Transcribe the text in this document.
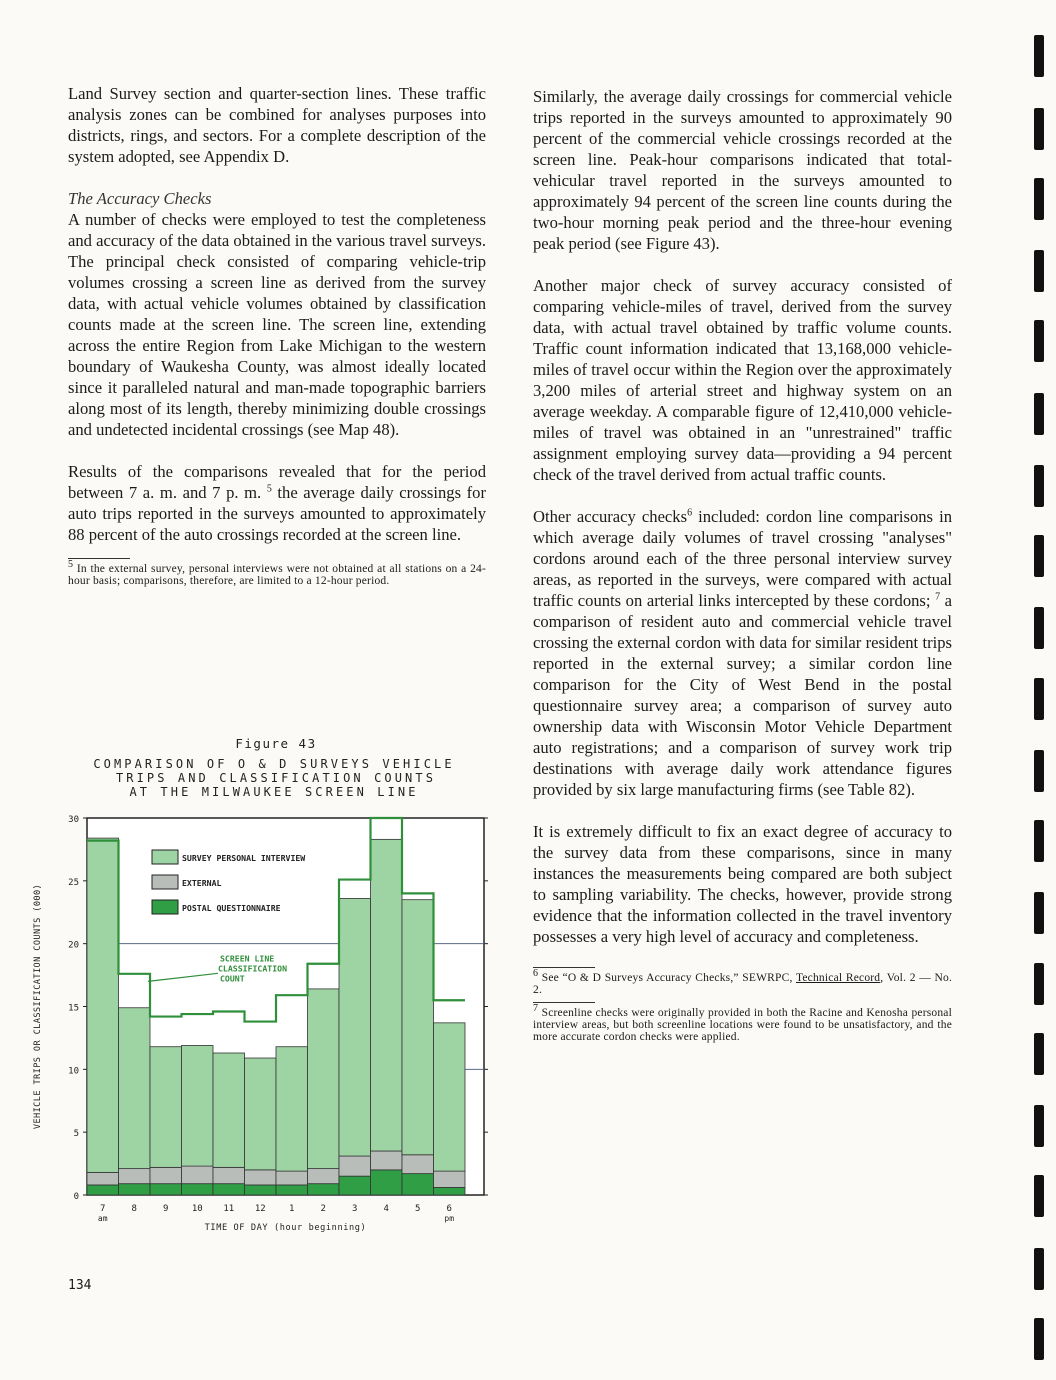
Land Survey section and quarter-section lines. These traffic analysis zones can be combined for analyses purposes into districts, rings, and sectors. For a complete description of the system adopted, see Appendix D.

The Accuracy Checks

A number of checks were employed to test the completeness and accuracy of the data obtained in the various travel surveys. The principal check consisted of comparing vehicle-trip volumes crossing a screen line as derived from the survey data, with actual vehicle volumes obtained by classification counts made at the screen line. The screen line, extending across the entire Region from Lake Michigan to the western boundary of Waukesha County, was almost ideally located since it paralleled natural and man-made topographic barriers along most of its length, thereby minimizing double crossings and undetected incidental crossings (see Map 48).

Results of the comparisons revealed that for the period between 7 a. m. and 7 p. m. $^5$ the average daily crossings for auto trips reported in the surveys amounted to approximately 88 percent of the auto crossings recorded at the screen line.

$^5$ In the external survey, personal interviews were not obtained at all stations on a 24-hour basis; comparisons, therefore, are limited to a 12-hour period.

Figure 43
COMPARISON OF O & D SURVEYS VEHICLE
TRIPS AND CLASSIFICATION COUNTS
AT THE MILWAUKEE SCREEN LINE
0
5
10
15
20
25
30
7	8	9	10 11 12	1	2	3	4	5	6
am	pm
SCREEN LINE
CLASSIFICATION
COUNT
SURVEY PERSONAL INTERVIEW
EXTERNAL
POSTAL QUESTIONNAIRE
TIME OF DAY (hour beginning)
VEHICLE TRIPS OR CLASSIFICATION COUNTS (000)

Similarly, the average daily crossings for commercial vehicle trips reported in the surveys amounted to approximately 90 percent of the commercial vehicle crossings recorded at the screen line. Peak-hour comparisons indicated that total-vehicular travel reported in the surveys amounted to approximately 94 percent of the screen line counts during the two-hour morning peak period and the three-hour evening peak period (see Figure 43).

Another major check of survey accuracy consisted of comparing vehicle-miles of travel, derived from the survey data, with actual travel obtained by traffic volume counts. Traffic count information indicated that 13,168,000 vehicle-miles of travel occur within the Region over the approximately 3,200 miles of arterial street and highway system on an average weekday. A comparable figure of 12,410,000 vehicle-miles of travel was obtained in an "unrestrained" traffic assignment employing survey data—providing a 94 percent check of the travel derived from actual traffic counts.

Other accuracy checks$^6$ included: cordon line comparisons in which average daily volumes of travel crossing "analyses" cordons around each of the three personal interview survey areas, as reported in the surveys, were compared with actual traffic counts on arterial links intercepted by these cordons; $^7$ a comparison of resident auto and commercial vehicle travel crossing the external cordon with data for similar resident trips reported in the external survey; a similar cordon line comparison for the City of West Bend in the postal questionnaire survey area; a comparison of survey auto ownership data with Wisconsin Motor Vehicle Department auto registrations; and a comparison of survey work trip destinations with average daily work attendance figures provided by six large manufacturing firms (see Table 82).

It is extremely difficult to fix an exact degree of accuracy to the survey data from these comparisons, since in many instances the measurements being compared are both subject to sampling variability. The checks, however, provide strong evidence that the information collected in the travel inventory possesses a very high level of accuracy and completeness.

$^6$ See “O & D Surveys Accuracy Checks,” SEWRPC, Technical Record, Vol. 2 — No. 2.

$^7$ Screenline checks were originally provided in both the Racine and Kenosha personal interview areas, but both screenline locations were found to be unsatisfactory, and the more accurate cordon checks were applied.

134
